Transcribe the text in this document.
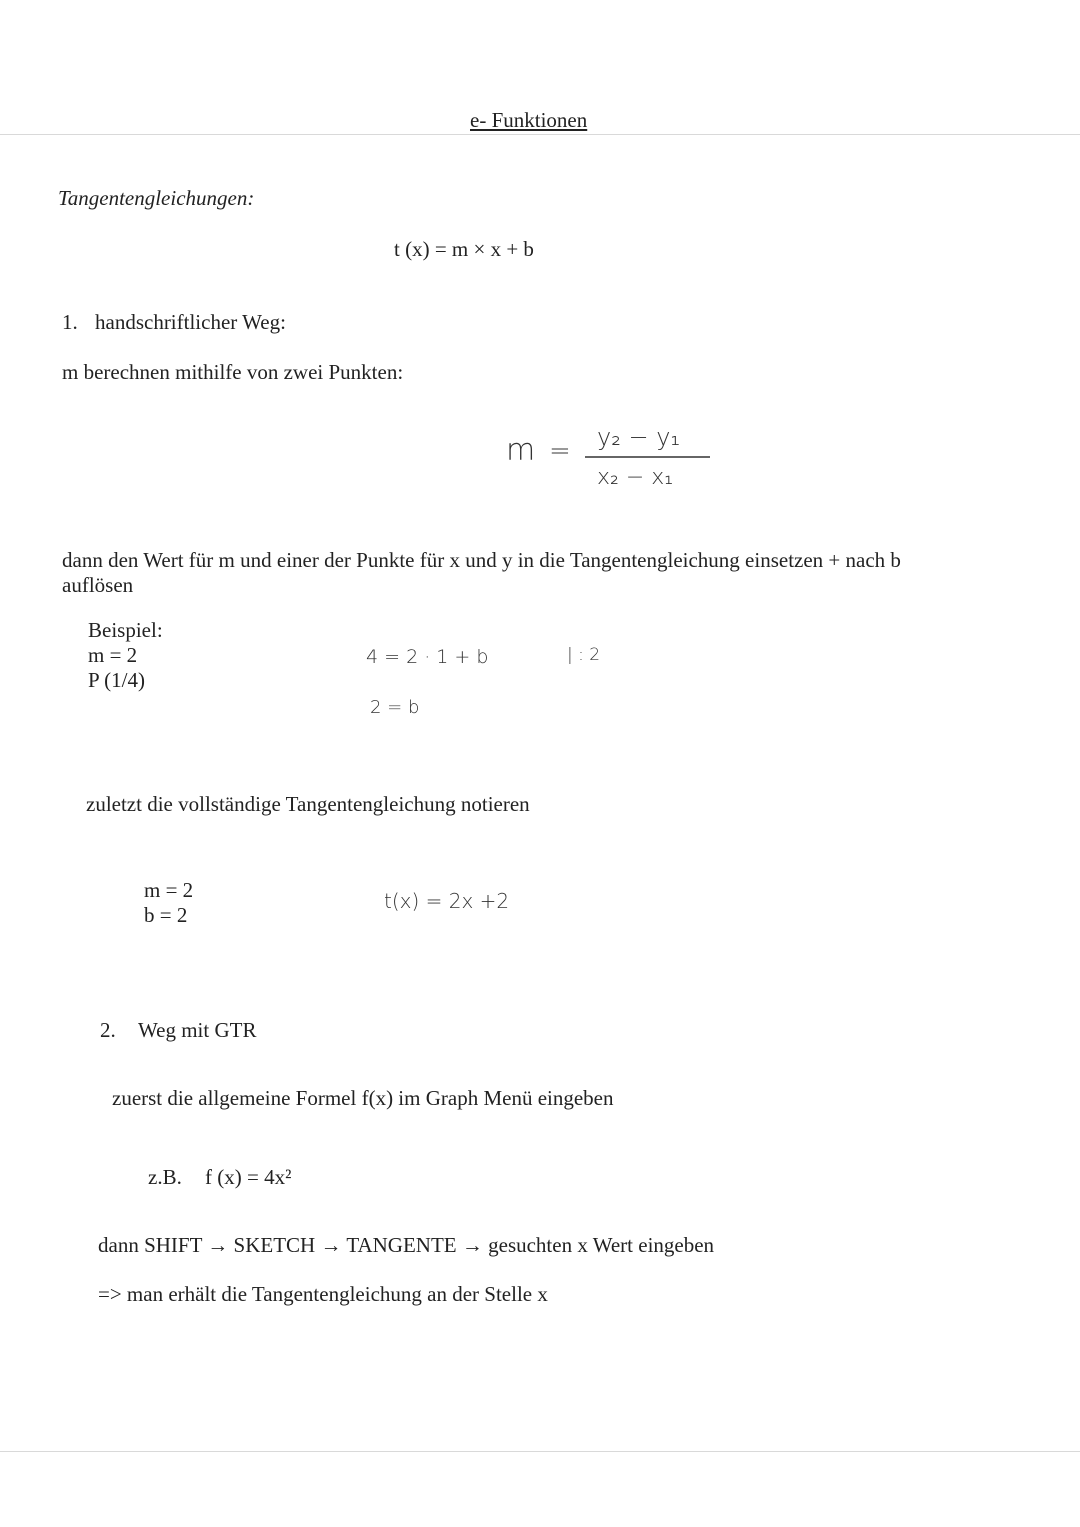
e- Funktionen
Tangentengleichungen:
t (x) = m × x + b
1. handschriftlicher Weg:
m berechnen mithilfe von zwei Punkten:
m = y₂ − y₁
x₂ − x₁
dann den Wert für m und einer der Punkte für x und y in die Tangentengleichung einsetzen + nach b
auflösen
Beispiel:
m = 2
P (1/4)
4 = 2 · 1 + b	| : 2
2 = b
zuletzt die vollständige Tangentengleichung notieren
m = 2
b = 2
t(x) = 2x +2
2. Weg mit GTR
zuerst die allgemeine Formel f(x) im Graph Menü eingeben
z.B. f (x) = 4x²
dann SHIFT → SKETCH → TANGENTE → gesuchten x Wert eingeben
=> man erhält die Tangentengleichung an der Stelle x
